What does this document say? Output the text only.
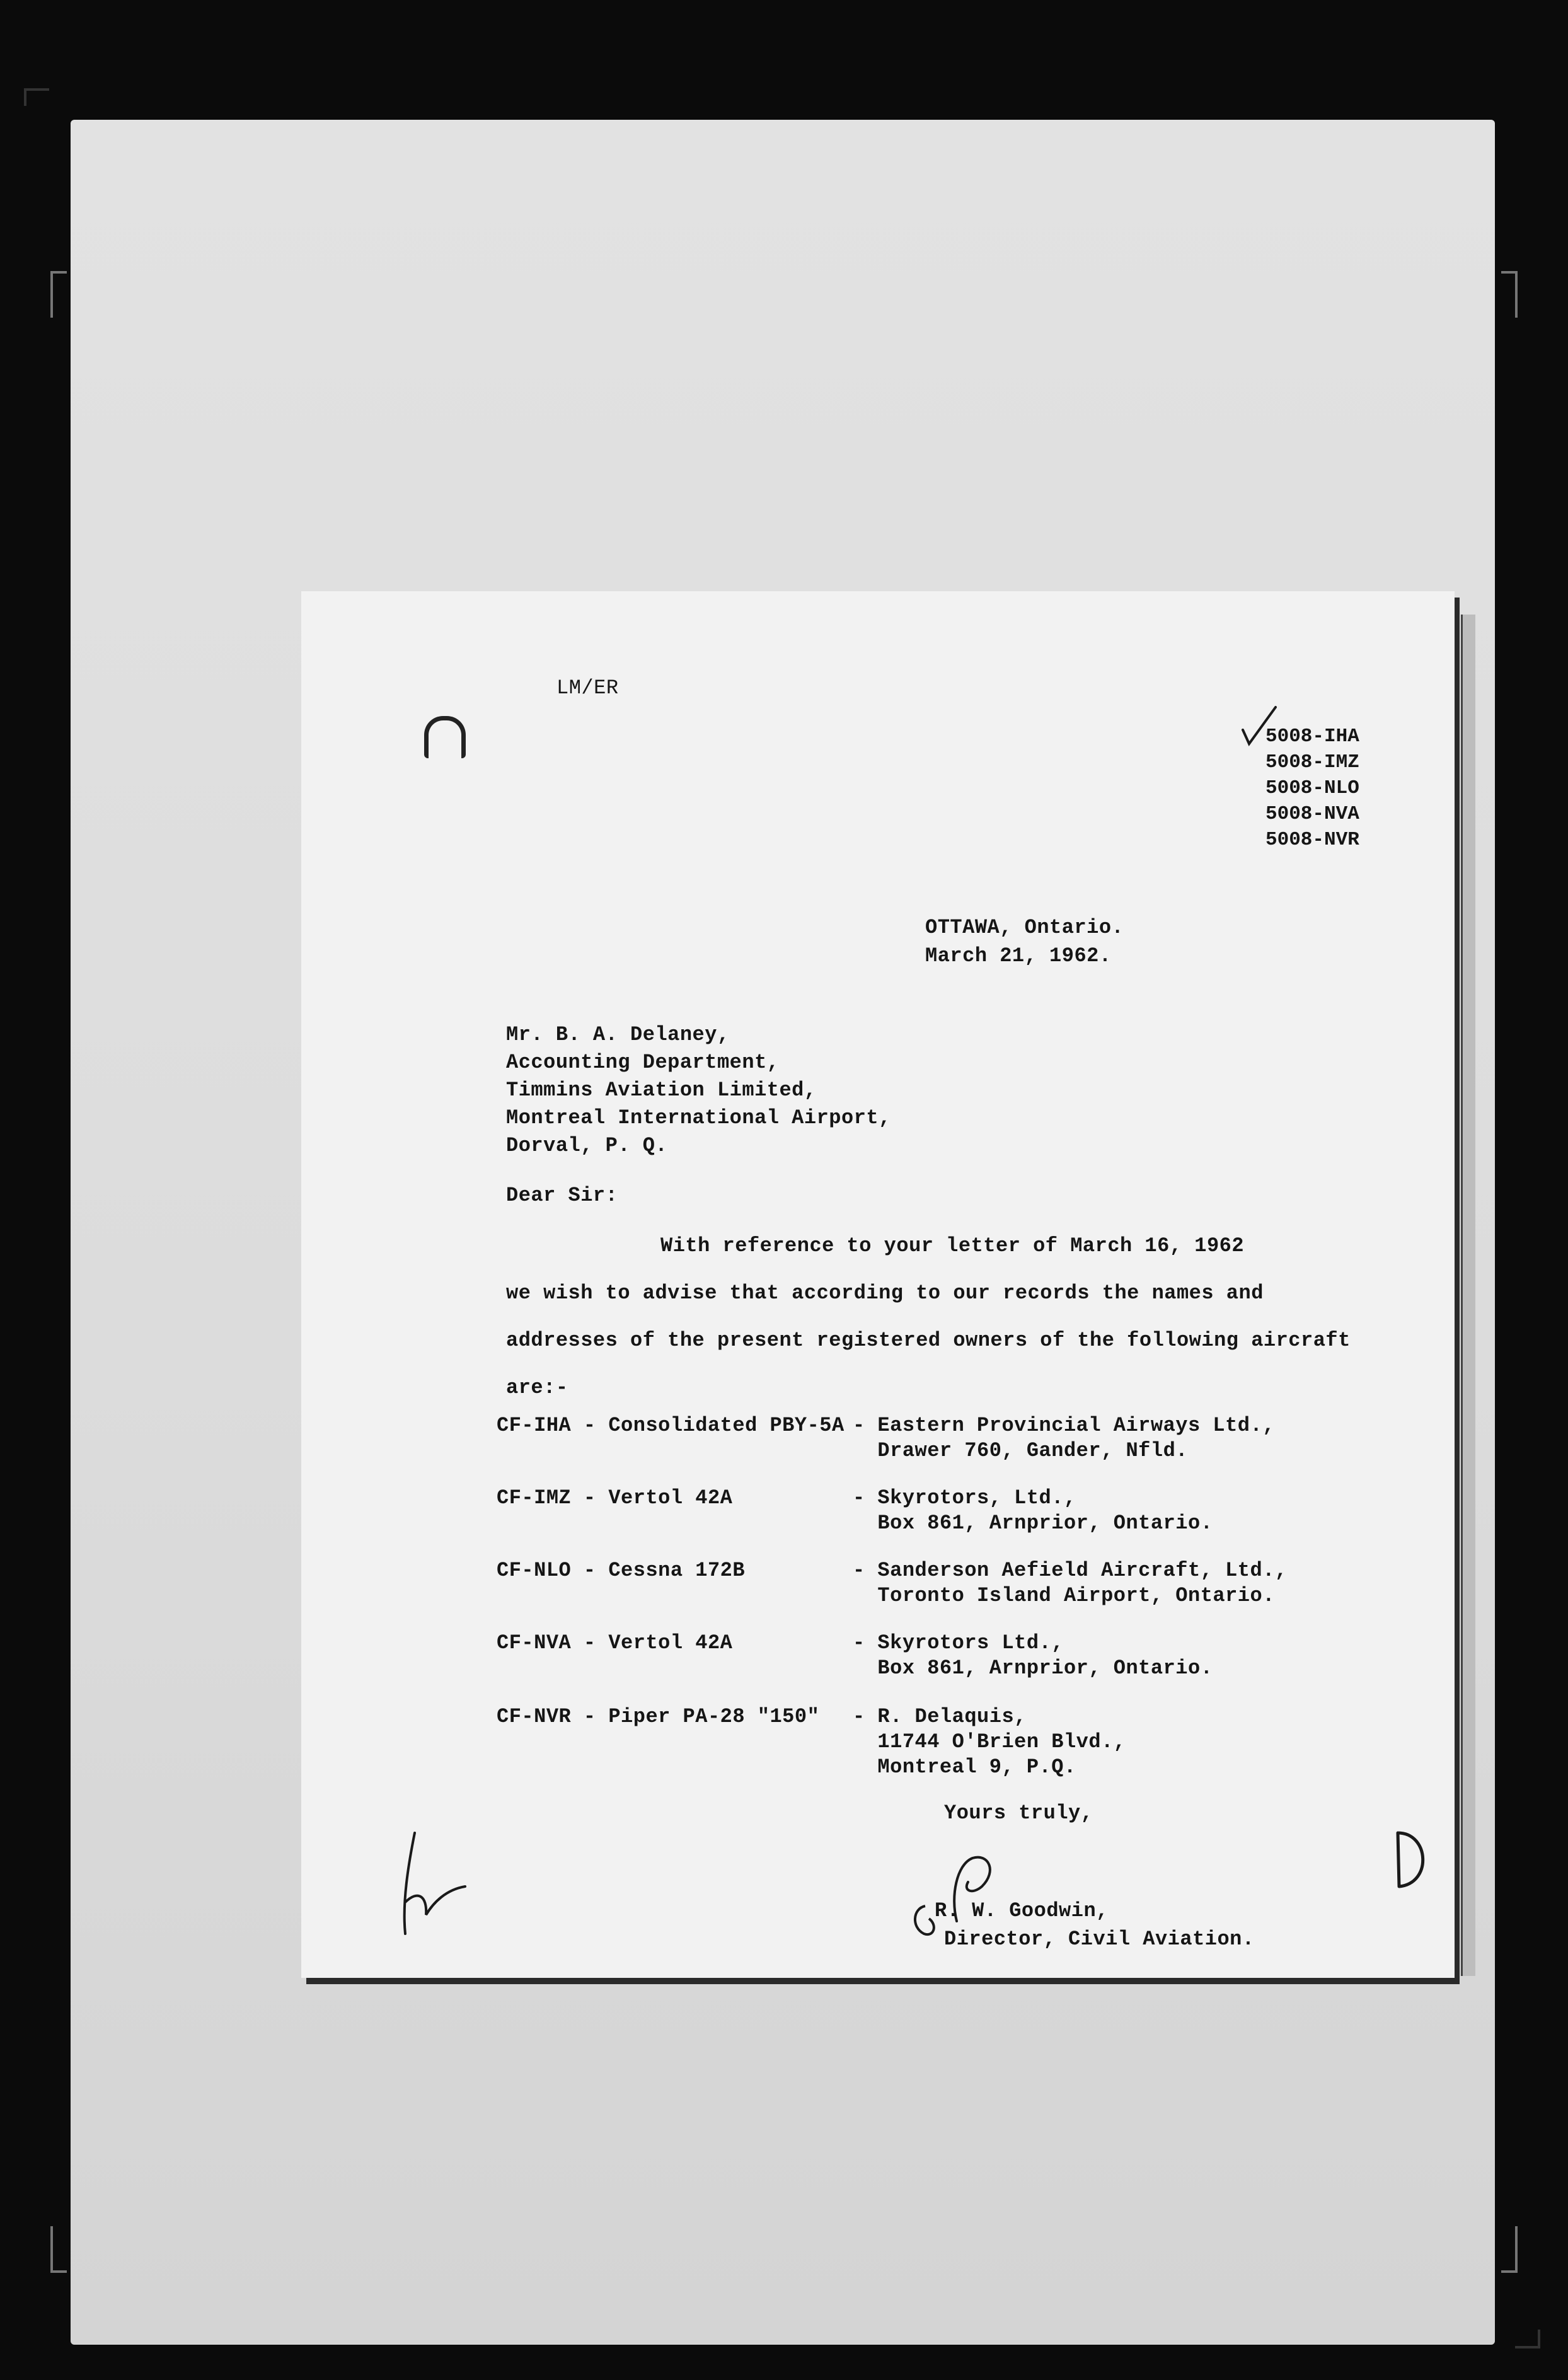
LM/ER
5008-IHA
5008-IMZ
5008-NLO
5008-NVA
5008-NVR
OTTAWA, Ontario.
March 21, 1962.
Mr. B. A. Delaney,
Accounting Department,
Timmins Aviation Limited,
Montreal International Airport,
Dorval, P. Q.
Dear Sir:
With reference to your letter of March 16, 1962
we wish to advise that according to our records the names and
addresses of the present registered owners of the following aircraft
are:-
CF-IHA - Consolidated PBY-5A - Eastern Provincial Airways Ltd.,
Drawer 760, Gander, Nfld.
CF-IMZ - Vertol 42A	- Skyrotors, Ltd.,
Box 861, Arnprior, Ontario.
CF-NLO - Cessna 172B	- Sanderson Aefield Aircraft, Ltd.,
Toronto Island Airport, Ontario.
CF-NVA - Vertol 42A	- Skyrotors Ltd.,
Box 861, Arnprior, Ontario.
CF-NVR - Piper PA-28 "150" - R. Delaquis,
11744 O'Brien Blvd.,
Montreal 9, P.Q.
Yours truly,
R. W. Goodwin,
Director, Civil Aviation.
